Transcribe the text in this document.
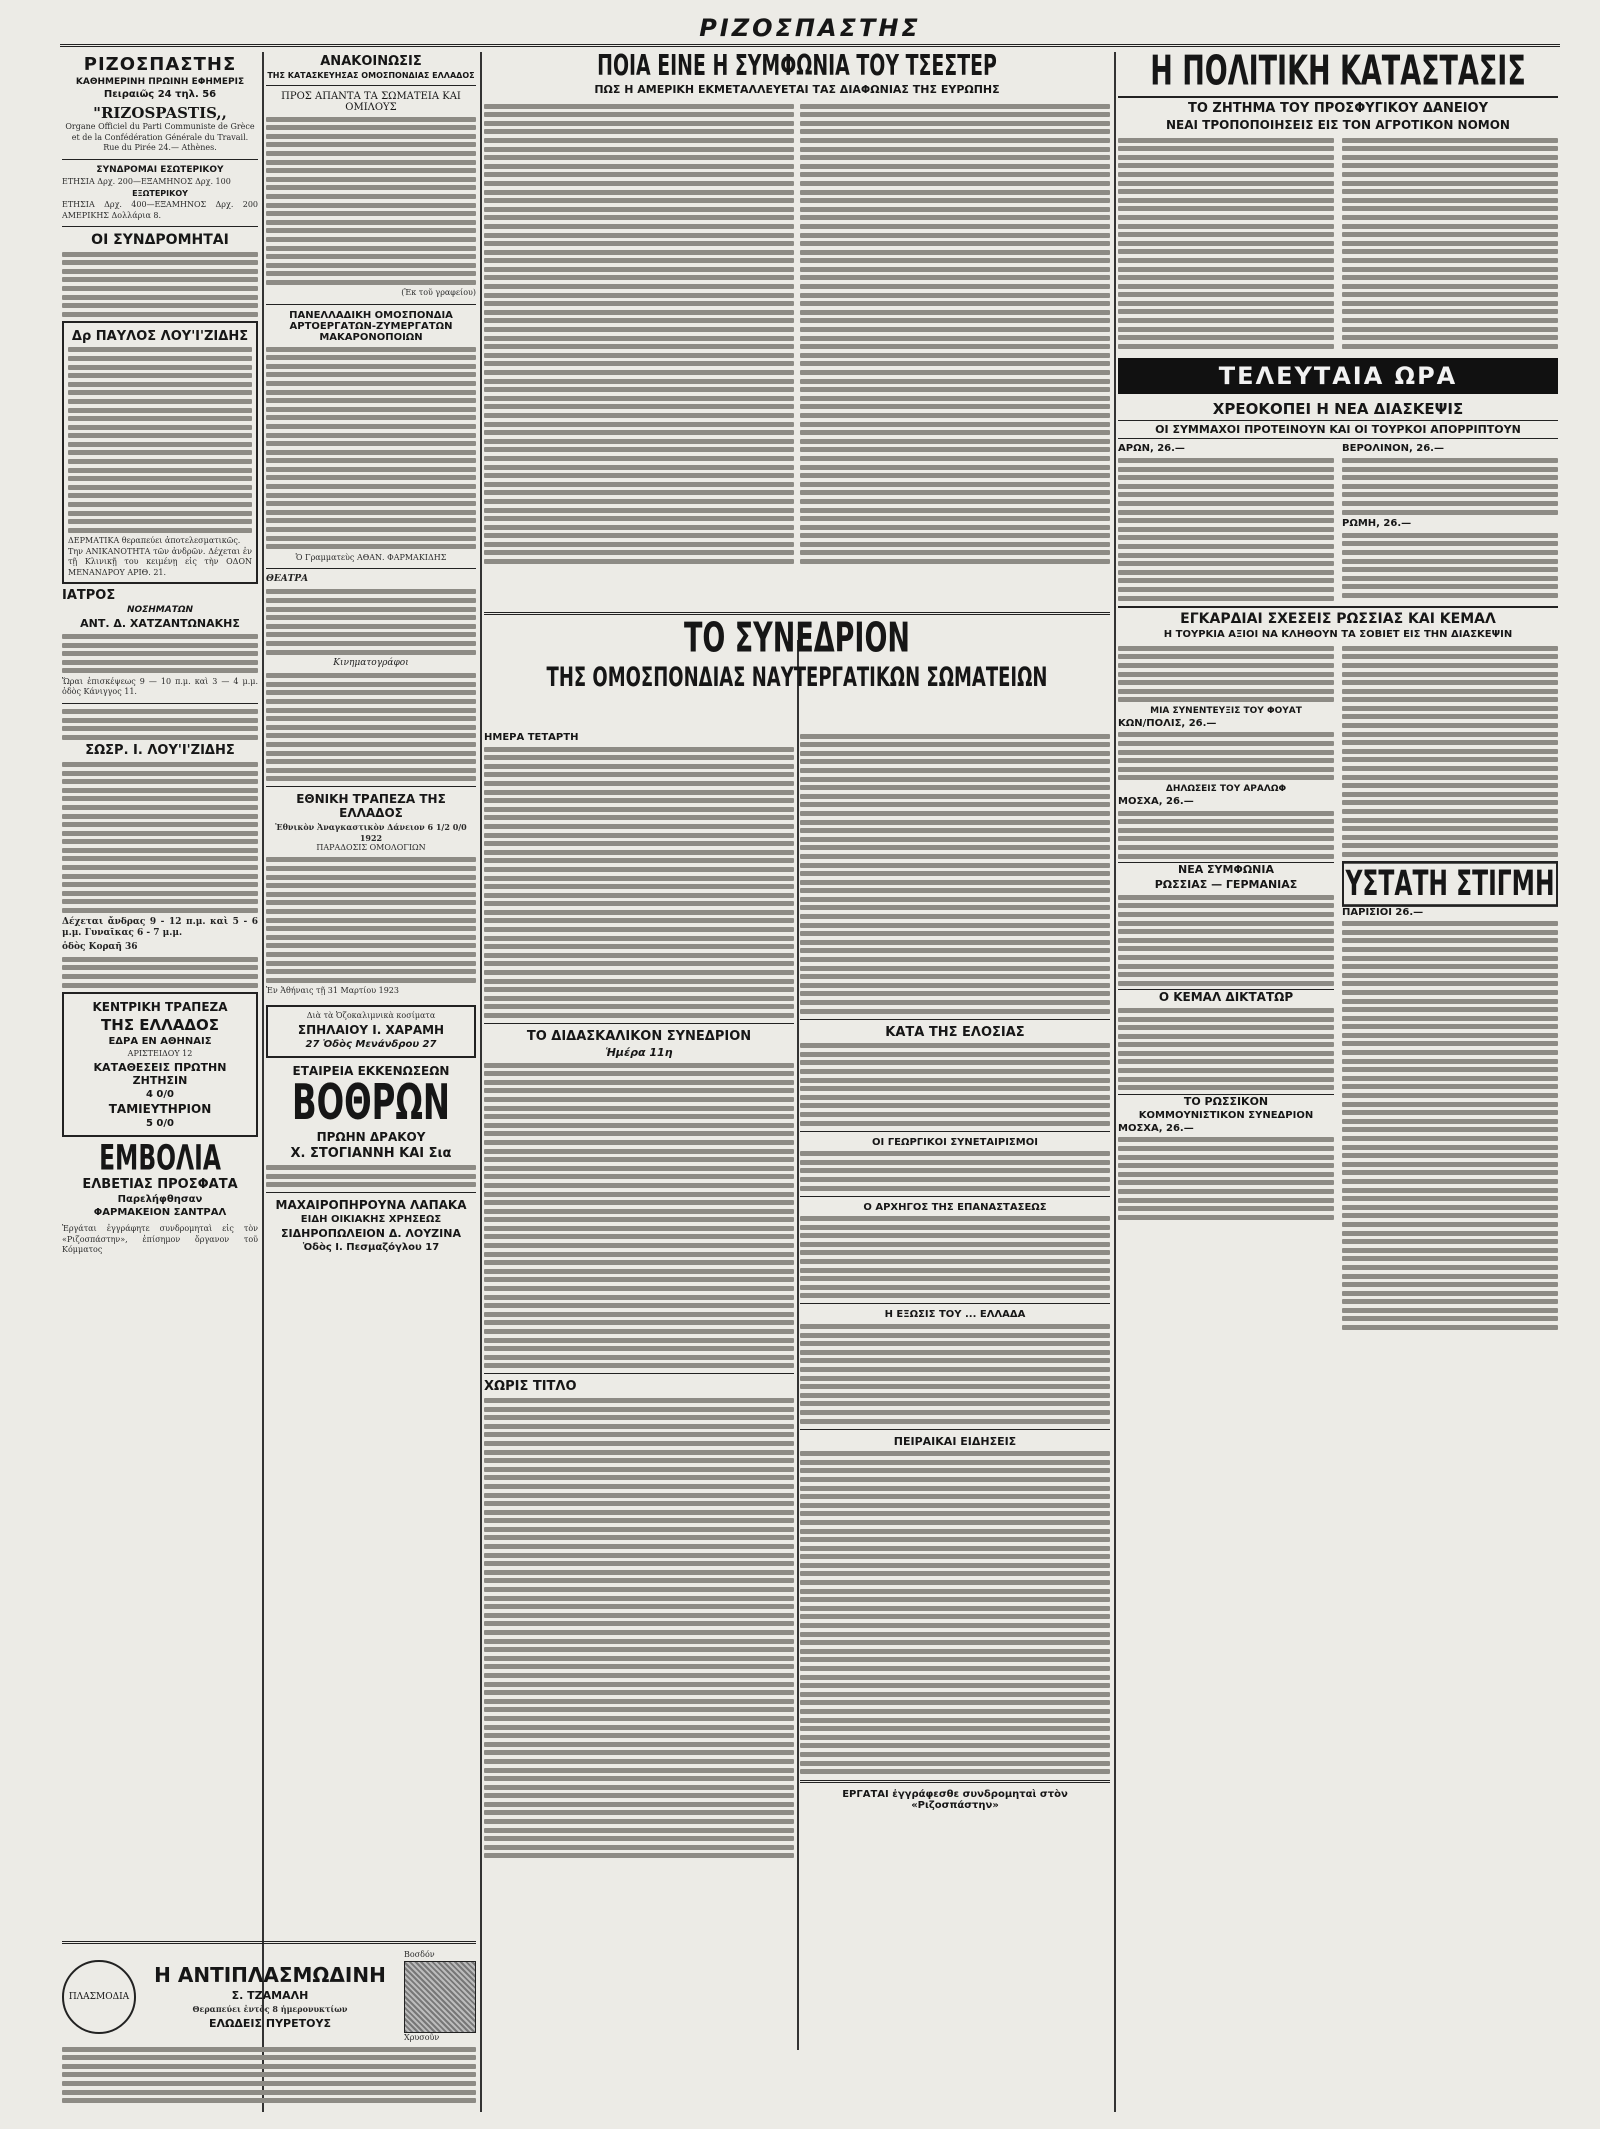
ΡΙΖΟΣΠΑΣΤΗΣ
ΡΙΖΟΣΠΑΣΤΗΣ
ΚΑΘΗΜΕΡΙΝΗ ΠΡΩΙΝΗ ΕΦΗΜΕΡΙΣ
Πειραιῶς 24 τηλ. 56
"RIZOSPASTIS,,

Organe Officiel du Parti Communiste de Grèce et de la Confédération Générale du Travail.

Rue du Pirée 24.— Athènes.

ΣΥΝΔΡΟΜΑΙ ΕΣΩΤΕΡΙΚΟΥ

ΕΤΗΣΙΑ Δρχ. 200—ΕΞΑΜΗΝΟΣ Δρχ. 100

ΕΞΩΤΕΡΙΚΟΥ

ΕΤΗΣΙΑ Δρχ. 400—ΕΞΑΜΗΝΟΣ Δρχ. 200 ΑΜΕΡΙΚΗΣ Δολλάρια 8.

ΟΙ ΣΥΝΔΡΟΜΗΤΑΙ
Δρ ΠΑΥΛΟΣ ΛΟΥ'Ι'ΖΙΔΗΣ

ΔΕΡΜΑΤΙΚΑ θεραπεύει ἀποτελεσματικῶς.

Την ΑΝΙΚΑΝΟΤΗΤΑ τῶν ἀνδρῶν. Δέχεται ἐν τῇ Κλινικῇ του κειμένῃ εἰς τὴν ΟΔΟΝ ΜΕΝΑΝΔΡΟΥ ΑΡΙΘ. 21.

ΙΑΤΡΟΣ
ΝΟΣΗΜΑΤΩΝ
ΑΝΤ. Δ. ΧΑΤΖΑΝΤΩΝΑΚΗΣ

Ὥραι ἐπισκέψεως 9 — 10 π.μ. καὶ 3 — 4 μ.μ. ὁδὸς Κάνιγγος 11.

ΣΩΣΡ. Ι. ΛΟΥ'Ι'ΖΙΔΗΣ

Δέχεται ἄνδρας 9 - 12 π.μ. καὶ 5 - 6 μ.μ. Γυναῖκας 6 - 7 μ.μ.

ὁδὸς Κοραῆ 36

ΚΕΝΤΡΙΚΗ ΤΡΑΠΕΖΑ
ΤΗΣ ΕΛΛΑΔΟΣ
ΕΔΡΑ ΕΝ ΑΘΗΝΑΙΣ
ΑΡΙΣΤΕΙΔΟΥ 12
ΚΑΤΑΘΕΣΕΙΣ ΠΡΩΤΗΝ ΖΗΤΗΣΙΝ
4 0/0
ΤΑΜΙΕΥΤΗΡΙΟΝ
5 0/0
ΕΜΒΟΛΙΑ
ΕΛΒΕΤΙΑΣ ΠΡΟΣΦΑΤΑ
Παρελήφθησαν
ΦΑΡΜΑΚΕΙΟΝ ΣΑΝΤΡΑΛ

Ἐργάται ἐγγράφητε συνδρομηταὶ εἰς τὸν «Ριζοσπάστην», ἐπίσημον ὄργανον τοῦ Κόμματος

ΑΝΑΚΟΙΝΩΣΙΣ
ΤΗΣ ΚΑΤΑΣΚΕΥΗΣΑΣ ΟΜΟΣΠΟΝΔΙΑΣ ΕΛΛΑΔΟΣ
ΠΡΟΣ ΑΠΑΝΤΑ ΤΑ ΣΩΜΑΤΕΙΑ ΚΑΙ ΟΜΙΛΟΥΣ
(Ἐκ τοῦ γραφείου)
ΠΑΝΕΛΛΑΔΙΚΗ ΟΜΟΣΠΟΝΔΙΑ ΑΡΤΟΕΡΓΑΤΩΝ-ΖΥΜΕΡΓΑΤΩΝ ΜΑΚΑΡΟΝΟΠΟΙΩΝ
Ὁ Γραμματεὺς ΑΘΑΝ. ΦΑΡΜΑΚΙΔΗΣ
ΘΕΑΤΡΑ
Κινηματογράφοι
ΕΘΝΙΚΗ ΤΡΑΠΕΖΑ ΤΗΣ ΕΛΛΑΔΟΣ
Ἐθνικὸν Ἀναγκαστικὸν Δάνειον 6 1/2 0/0 1922
ΠΑΡΑΔΟΣΙΣ ΟΜΟΛΟΓΙΩΝ
Ἐν Ἀθήναις τῇ 31 Μαρτίου 1923
Διὰ τὰ Ὀζοκαλιμνικὰ κοσίματα
ΣΠΗΛΑΙΟΥ Ι. ΧΑΡΑΜΗ
27 Ὁδὸς Μενάνδρου 27
ΕΤΑΙΡΕΙΑ ΕΚΚΕΝΩΣΕΩΝ
ΒΟΘΡΩΝ
ΠΡΩΗΝ ΔΡΑΚΟΥ
Χ. ΣΤΟΓΙΑΝΝΗ ΚΑΙ Σια
ΜΑΧΑΙΡΟΠΗΡΟΥΝΑ ΛΑΠΑΚΑ
ΕΙΔΗ ΟΙΚΙΑΚΗΣ ΧΡΗΣΕΩΣ
ΣΙΔΗΡΟΠΩΛΕΙΟΝ Δ. ΛΟΥΖΙΝΑ
Ὁδὸς Ι. Πεσμαζόγλου 17
ΠΛΑΣΜΟΔΙΑ
Η ΑΝΤΙΠΛΑΣΜΩΔΙΝΗ
Σ. ΤΖΑΜΑΛΗ
Θεραπεύει ἐντὸς 8 ἡμερονυκτίων
ΕΛΩΔΕΙΣ ΠΥΡΕΤΟΥΣ
Βοσδόν
Χρυσοῦν
ΠΟΙΑ ΕΙΝΕ Η ΣΥΜΦΩΝΙΑ ΤΟΥ ΤΣΕΣΤΕΡ
ΠΩΣ Η ΑΜΕΡΙΚΗ ΕΚΜΕΤΑΛΛΕΥΕΤΑΙ ΤΑΣ ΔΙΑΦΩΝΙΑΣ ΤΗΣ ΕΥΡΩΠΗΣ
ΤΟ ΣΥΝΕΔΡΙΟΝ
ΤΗΣ ΟΜΟΣΠΟΝΔΙΑΣ ΝΑΥΤΕΡΓΑΤΙΚΩΝ ΣΩΜΑΤΕΙΩΝ
ΗΜΕΡΑ ΤΕΤΑΡΤΗ
ΤΟ ΔΙΔΑΣΚΑΛΙΚΟΝ ΣΥΝΕΔΡΙΟΝ
Ἡμέρα 11η
ΧΩΡΙΣ ΤΙΤΛΟ
ΚΑΤΑ ΤΗΣ ΕΛΟΣΙΑΣ
ΟΙ ΓΕΩΡΓΙΚΟΙ ΣΥΝΕΤΑΙΡΙΣΜΟΙ
Ο ΑΡΧΗΓΟΣ ΤΗΣ ΕΠΑΝΑΣΤΑΣΕΩΣ
Η ΕΞΩΣΙΣ ΤΟΥ ... ΕΛΛΑΔΑ
ΠΕΙΡΑΙΚΑΙ ΕΙΔΗΣΕΙΣ
ΕΡΓΑΤΑΙ ἐγγράφεσθε συνδρομηταὶ στὸν «Ριζοσπάστην»
Η ΠΟΛΙΤΙΚΗ ΚΑΤΑΣΤΑΣΙΣ
ΤΟ ΖΗΤΗΜΑ ΤΟΥ ΠΡΟΣΦΥΓΙΚΟΥ ΔΑΝΕΙΟΥ
ΝΕΑΙ ΤΡΟΠΟΠΟΙΗΣΕΙΣ ΕΙΣ ΤΟΝ ΑΓΡΟΤΙΚΟΝ ΝΟΜΟΝ
ΤΕΛΕΥΤΑΙΑ ΩΡΑ
ΧΡΕΟΚΟΠΕΙ Η ΝΕΑ ΔΙΑΣΚΕΨΙΣ
ΟΙ ΣΥΜΜΑΧΟΙ ΠΡΟΤΕΙΝΟΥΝ ΚΑΙ ΟΙ ΤΟΥΡΚΟΙ ΑΠΟΡΡΙΠΤΟΥΝ
ΑΡΩΝ, 26.—	ΒΕΡΟΛΙΝΟΝ, 26.—
ΡΩΜΗ, 26.—
ΕΓΚΑΡΔΙΑΙ ΣΧΕΣΕΙΣ ΡΩΣΣΙΑΣ ΚΑΙ ΚΕΜΑΛ
Η ΤΟΥΡΚΙΑ ΑΞΙΟΙ ΝΑ ΚΛΗΘΟΥΝ ΤΑ ΣΟΒΙΕΤ ΕΙΣ ΤΗΝ ΔΙΑΣΚΕΨΙΝ
ΜΙΑ ΣΥΝΕΝΤΕΥΞΙΣ ΤΟΥ ΦΟΥΑΤ
ΚΩΝ/ΠΟΛΙΣ, 26.—
ΔΗΛΩΣΕΙΣ ΤΟΥ ΑΡΑΛΩΦ
ΜΟΣΧΑ, 26.—
ΝΕΑ ΣΥΜΦΩΝΙΑ
ΡΩΣΣΙΑΣ — ΓΕΡΜΑΝΙΑΣ
Ο ΚΕΜΑΛ ΔΙΚΤΑΤΩΡ
ΤΟ ΡΩΣΣΙΚΟΝ
ΚΟΜΜΟΥΝΙΣΤΙΚΟΝ ΣΥΝΕΔΡΙΟΝ
ΜΟΣΧΑ, 26.—
ΥΣΤΑΤΗ ΣΤΙΓΜΗ
ΠΑΡΙΣΙΟΙ 26.—
